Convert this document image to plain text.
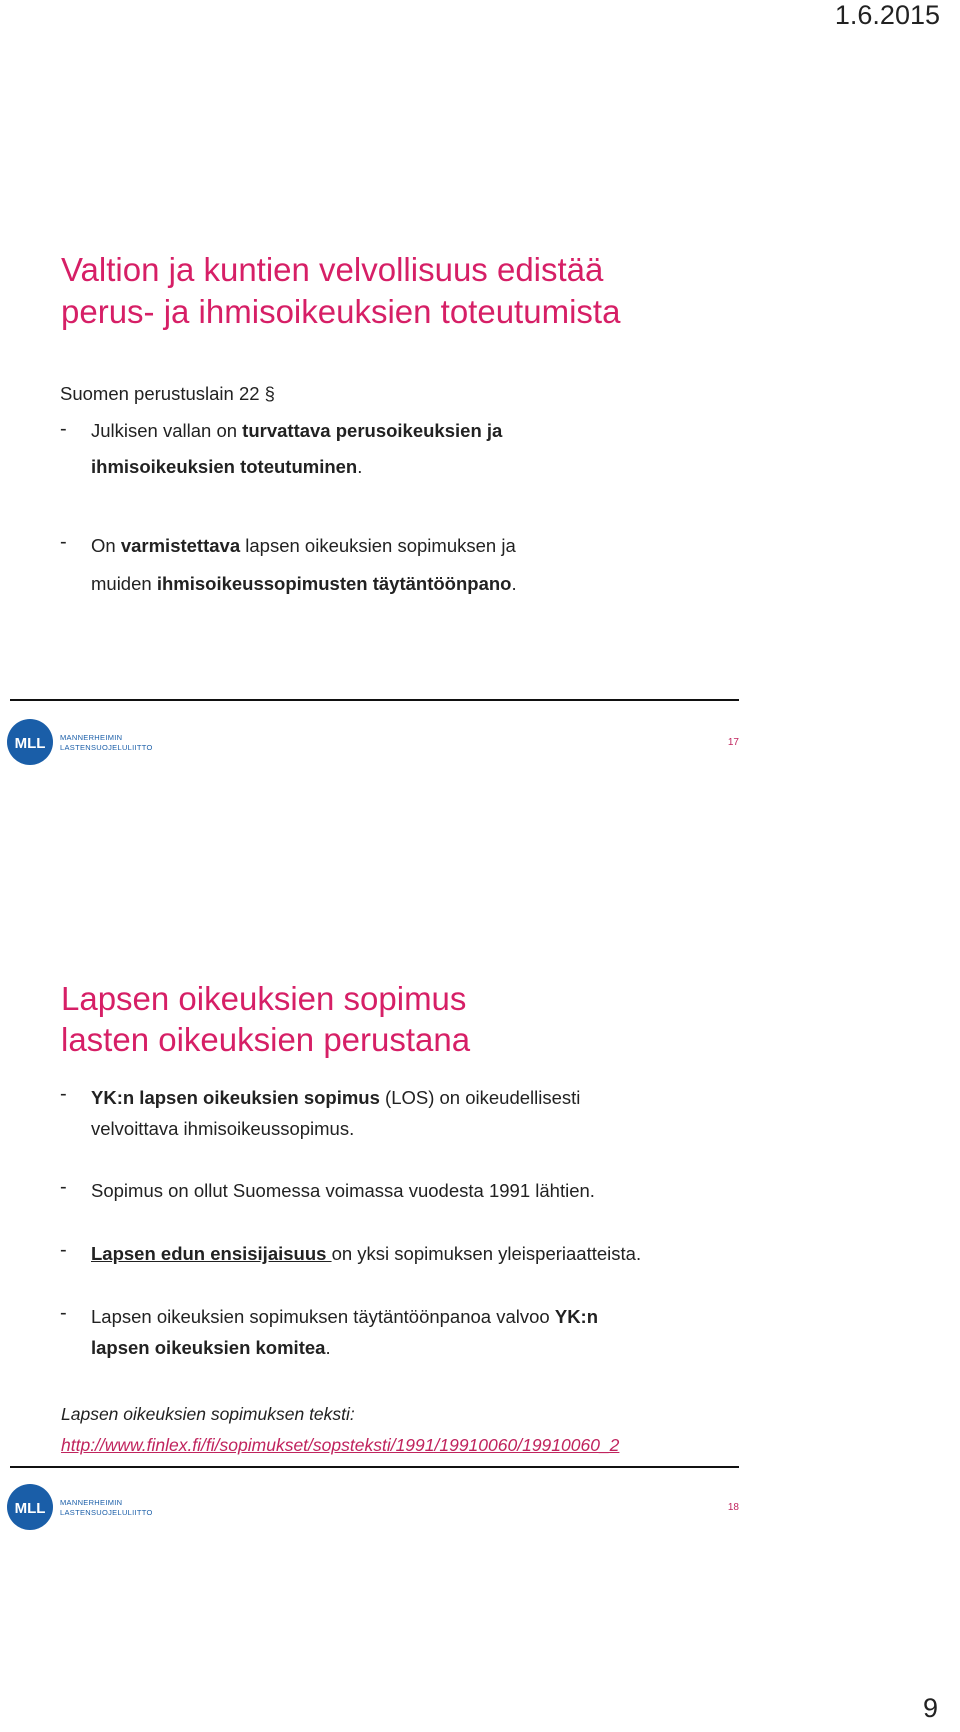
1.6.2015
Valtion ja kuntien velvollisuus edistää
perus- ja ihmisoikeuksien toteutumista
Suomen perustuslain 22 §
- Julkisen vallan on turvattava perusoikeuksien ja
ihmisoikeuksien toteutuminen.
- On varmistettava lapsen oikeuksien sopimuksen ja
muiden ihmisoikeussopimusten täytäntöönpano.
MLL MANNERHEIMIN
LASTENSUOJELULIITTO	17
Lapsen oikeuksien sopimus
lasten oikeuksien perustana
- YK:n lapsen oikeuksien sopimus (LOS) on oikeudellisesti
velvoittava ihmisoikeussopimus.
- Sopimus on ollut Suomessa voimassa vuodesta 1991 lähtien.
- Lapsen edun ensisijaisuus on yksi sopimuksen yleisperiaatteista.
- Lapsen oikeuksien sopimuksen täytäntöönpanoa valvoo YK:n
lapsen oikeuksien komitea.
Lapsen oikeuksien sopimuksen teksti:
http://www.finlex.fi/fi/sopimukset/sopsteksti/1991/19910060/19910060_2
MLL MANNERHEIMIN
LASTENSUOJELULIITTO	18
9
